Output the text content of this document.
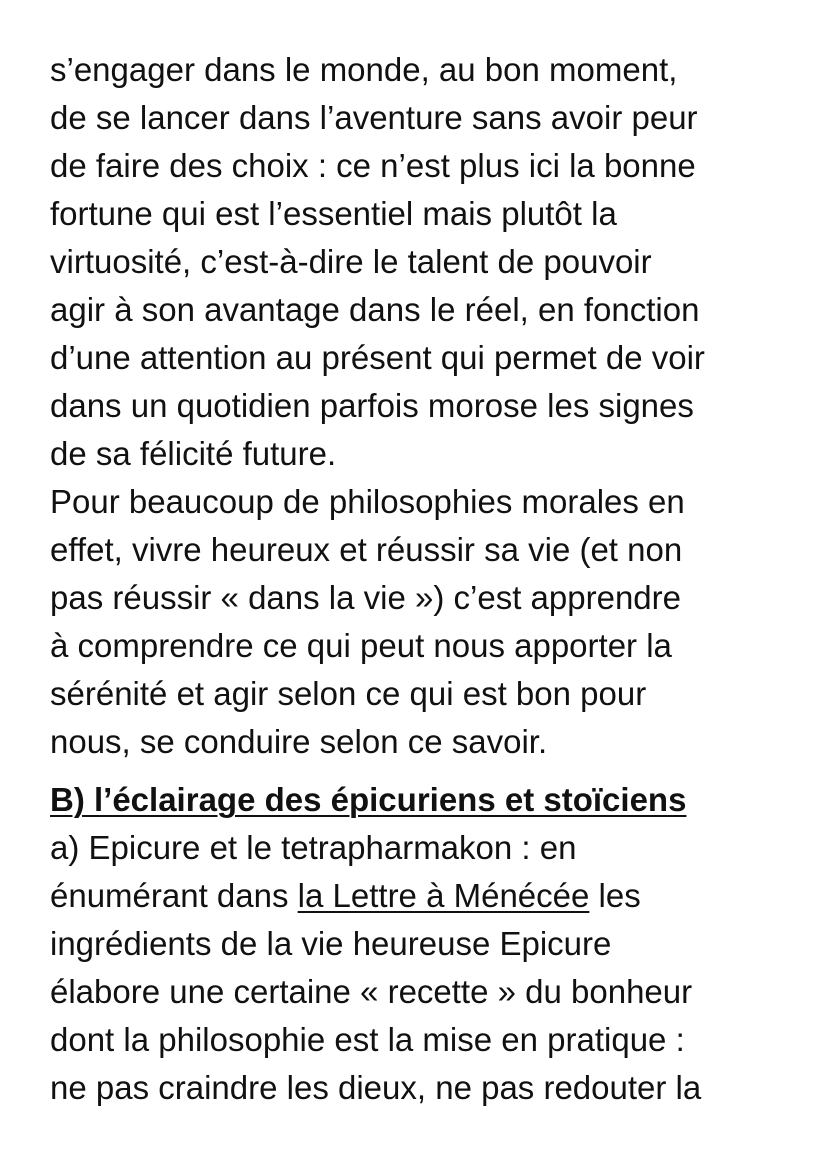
s’engager dans le monde, au bon moment,
de se lancer dans l’aventure sans avoir peur
de faire des choix : ce n’est plus ici la bonne
fortune qui est l’essentiel mais plutôt la
virtuosité, c’est-à-dire le talent de pouvoir
agir à son avantage dans le réel, en fonction
d’une attention au présent qui permet de voir
dans un quotidien parfois morose les signes
de sa félicité future.
Pour beaucoup de philosophies morales en
effet, vivre heureux et réussir sa vie (et non
pas réussir « dans la vie ») c’est apprendre
à comprendre ce qui peut nous apporter la
sérénité et agir selon ce qui est bon pour
nous, se conduire selon ce savoir.
B) l’éclairage des épicuriens et stoïciens
a) Epicure et le tetrapharmakon : en
énumérant dans la Lettre à Ménécée les
ingrédients de la vie heureuse Epicure
élabore une certaine « recette » du bonheur
dont la philosophie est la mise en pratique :
ne pas craindre les dieux, ne pas redouter la
